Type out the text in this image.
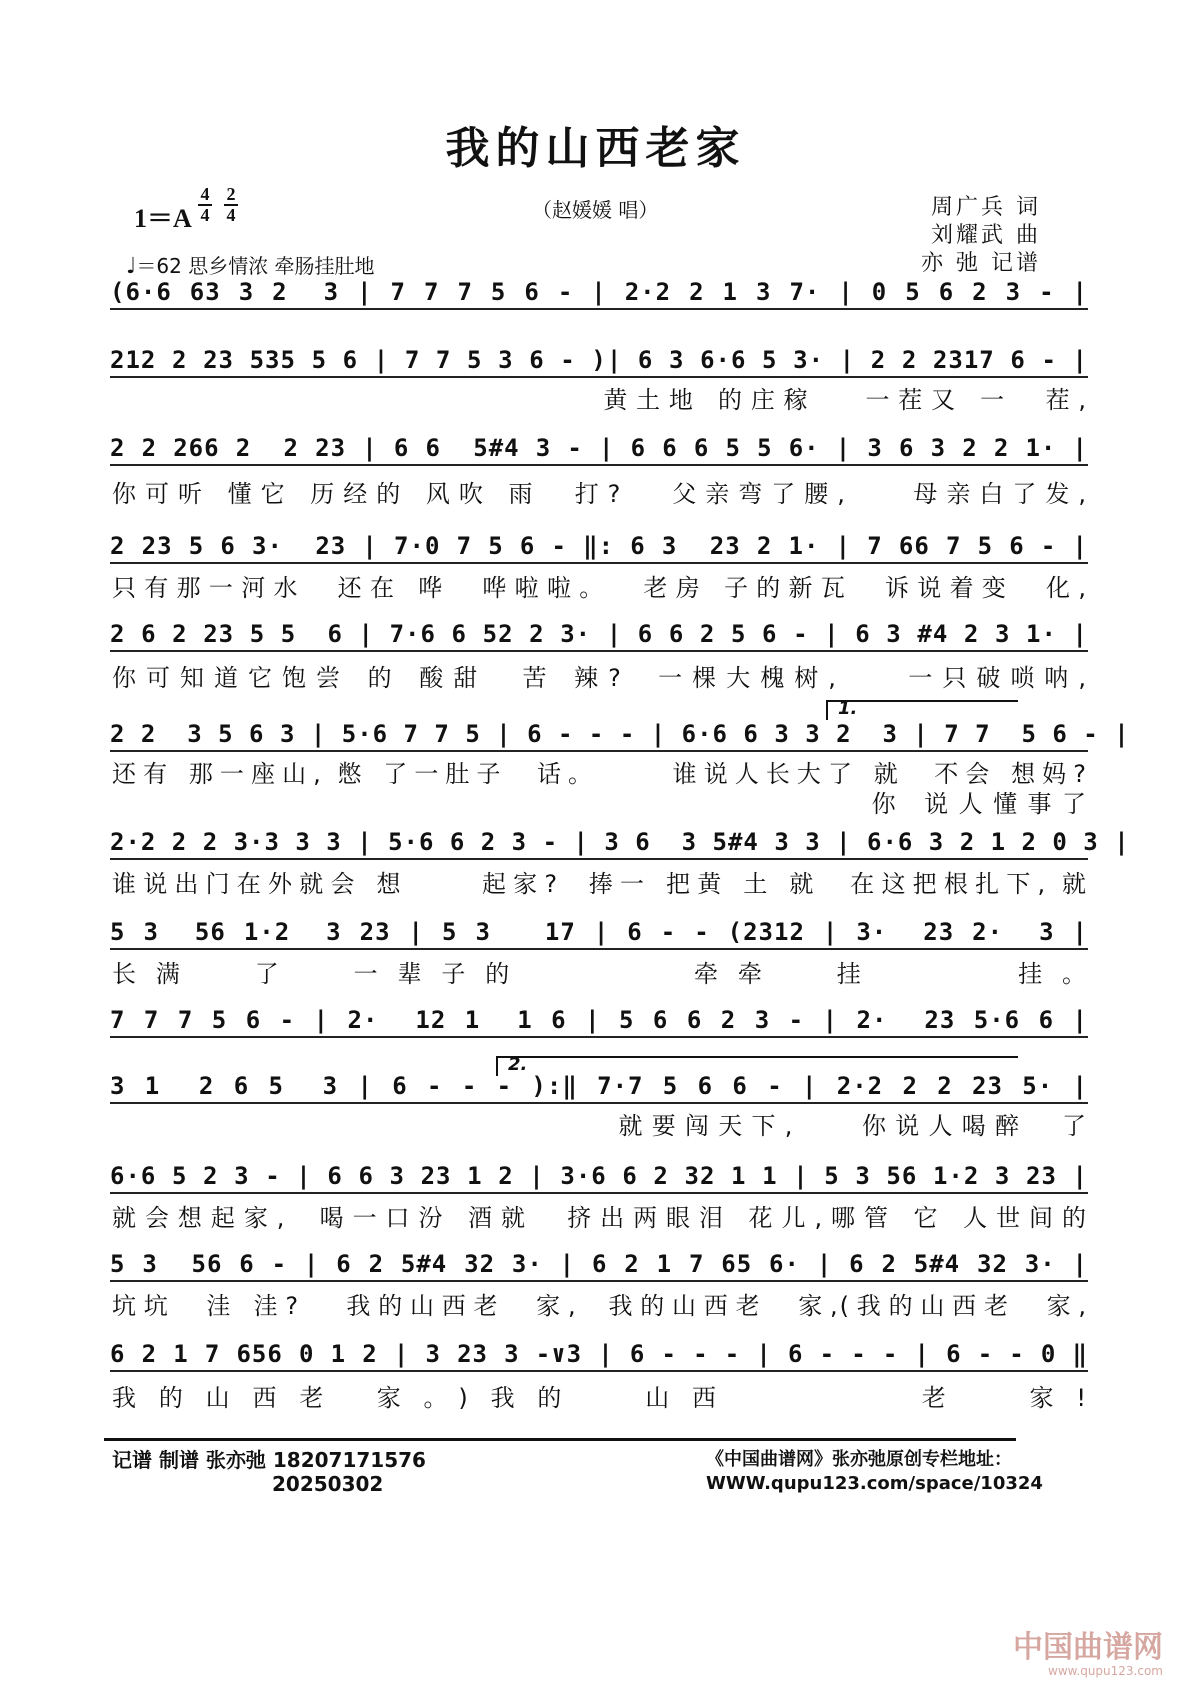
我的山西老家
1＝A
4
4
2
4	（赵媛媛 唱）
♩＝62 思乡情浓 牵肠挂肚地
周广兵 词
刘耀武 曲
亦 弛 记谱
(6·6 63 3 2  3 | 7 7 7 5 6 - | 2·2 2 1 3 7· | 0 5 6 2 3 - |
212 2 23 535 5 6 | 7 7 5 3 6 - )| 6 3 6·6 5 3· | 2 2 2317 6 - |
黄土地 的庄稼   一茬又 一  茬,
2 2 266 2  2 23 | 6 6  5#4 3 - | 6 6 6 5 5 6· | 3 6 3 2 2 1· |
你可听 懂它 历经的 风吹 雨  打?   父亲弯了腰,    母亲白了发,
2 23 5 6 3·  23 | 7·0 7 5 6 - ‖: 6 3  23 2 1· | 7 66 7 5 6 - |
只有那一河水  还在 哗  哗啦啦。  老房 子的新瓦  诉说着变  化,
2 6 2 23 5 5  6 | 7·6 6 52 2 3· | 6 6 2 5 6 - | 6 3 #4 2 3 1· |
你可知道它饱尝 的 酸甜  苦 辣?  一棵大槐树,    一只破唢呐,
1.
2 2  3 5 6 3 | 5·6 7 7 5 | 6 - - - | 6·6 6 3 3 2  3 | 7 7  5 6 - |
还有 那一座山, 憋 了一肚子  话。     谁说人长大了 就  不会 想妈?
你 说人懂事了
2·2 2 2 3·3 3 3 | 5·6 6 2 3 - | 3 6  3 5#4 3 3 | 6·6 3 2 1 2 0 3 |
谁说出门在外就会 想     起家?  捧一 把黄 土 就  在这把根扎下, 就
5 3  56 1·2  3 23 | 5 3   17 | 6 - - (2312 | 3·  23 2·  3 |
长满  了  一辈子的      牵牵  挂     挂。
7 7 7 5 6 - | 2·  12 1  1 6 | 5 6 6 2 3 - | 2·  23 5·6 6 |
2.
3 1  2 6 5  3 | 6 - - - ):‖ 7·7 5 6 6 - | 2·2 2 2 23 5· |
就要闯天下,    你说人喝醉  了
6·6 5 2 3 - | 6 6 3 23 1 2 | 3·6 6 2 32 1 1 | 5 3 56 1·2 3 23 |
就会想起家,  喝一口汾 酒就  挤出两眼泪 花儿,哪管 它 人世间的
5 3  56 6 - | 6 2 5#4 32 3· | 6 2 1 7 65 6· | 6 2 5#4 32 3· |
坑坑  洼 洼?   我的山西老  家,  我的山西老  家,(我的山西老  家,
6 2 1 7 656 0 1 2 | 3 23 3 -∨3 | 6 - - - | 6 - - - | 6 - - 0 ‖
我的山西老 家。)我的  山西      老  家!
记谱 制谱 张亦弛 18207171576
20250302
《中国曲谱网》张亦弛原创专栏地址：
WWW.qupu123.com/space/10324
中国曲谱网
www.qupu123.com
